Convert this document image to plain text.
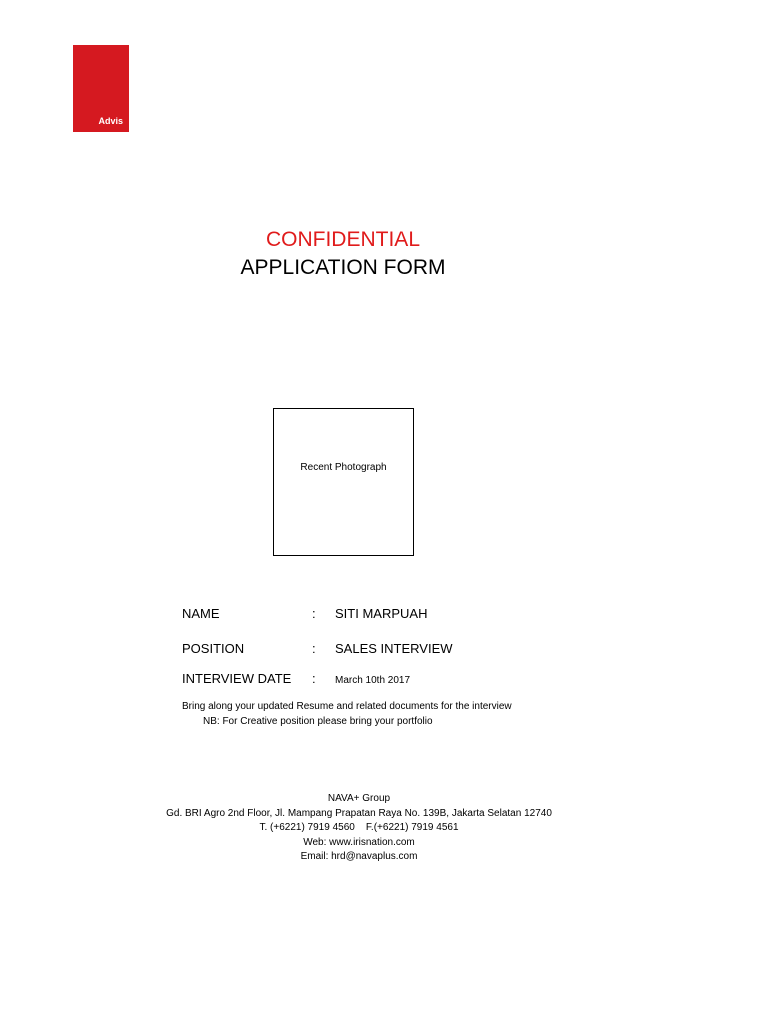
Advis
CONFIDENTIAL
APPLICATION FORM
Recent Photograph
NAME	: SITI MARPUAH
POSITION	: SALES INTERVIEW
INTERVIEW DATE : March 10th 2017
Bring along your updated Resume and related documents for the interview
NB: For Creative position please bring your portfolio
NAVA+ Group
Gd. BRI Agro 2nd Floor, Jl. Mampang Prapatan Raya No. 139B, Jakarta Selatan 12740
T. (+6221) 7919 4560    F.(+6221) 7919 4561
Web: www.irisnation.com
Email: hrd@navaplus.com
